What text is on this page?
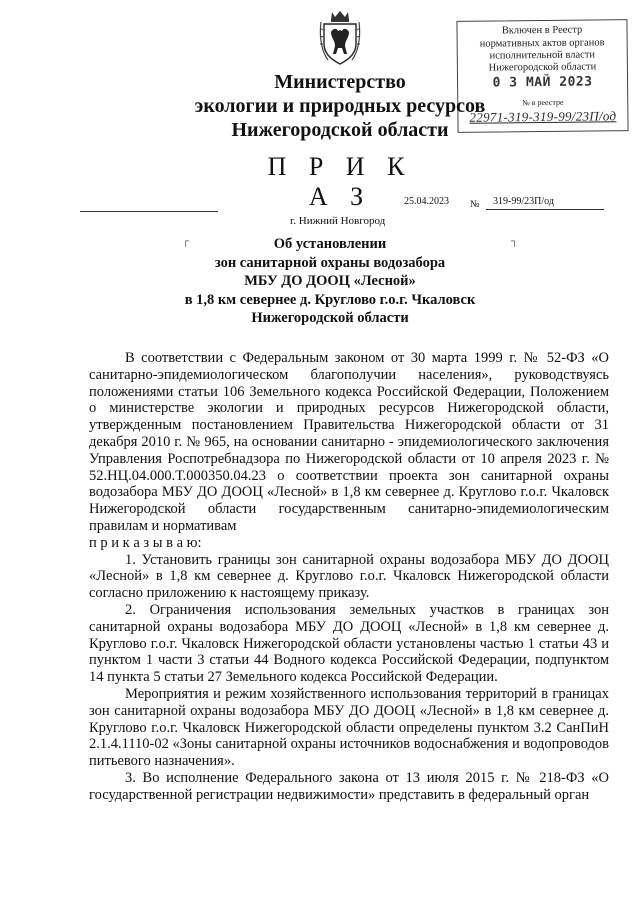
Включен в Реестр
нормативных актов органов
исполнительной власти
Нижегородской области
0 3 МАЙ 2023
№ в реестре
22971-319-319-99/23П/од
Министерство
экологии и природных ресурсов
Нижегородской области
П Р И К А З	25.04.2023 № 319-99/23П/од
г. Нижний Новгород
┌	┐
Об установлении
зон санитарной охраны водозабора
МБУ ДО ДООЦ «Лесной»
в 1,8 км севернее д. Круглово г.о.г. Чкаловск
Нижегородской области

В соответствии с Федеральным законом от 30 марта 1999 г. № 52-ФЗ «О санитарно-эпидемиологическом благополучии населения», руководствуясь положениями статьи 106 Земельного кодекса Российской Федерации, Положением о министерстве экологии и природных ресурсов Нижегородской области, утвержденным постановлением Правительства Нижегородской области от 31 декабря 2010 г. № 965, на основании санитарно - эпидемиологического заключения Управления Роспотребнадзора по Нижегородской области от 10 апреля 2023 г. № 52.НЦ.04.000.Т.000350.04.23 о соответствии проекта зон санитарной охраны водозабора МБУ ДО ДООЦ «Лесной» в 1,8 км севернее д. Круглово г.о.г. Чкаловск Нижегородской области государственным санитарно-эпидемиологическим правилам и нормативам

п р и к а з ы в а ю:

1. Установить границы зон санитарной охраны водозабора МБУ ДО ДООЦ «Лесной» в 1,8 км севернее д. Круглово г.о.г. Чкаловск Нижегородской области согласно приложению к настоящему приказу.

2. Ограничения использования земельных участков в границах зон санитарной охраны водозабора МБУ ДО ДООЦ «Лесной» в 1,8 км севернее д. Круглово г.о.г. Чкаловск Нижегородской области установлены частью 1 статьи 43 и пунктом 1 части 3 статьи 44 Водного кодекса Российской Федерации, подпунктом 14 пункта 5 статьи 27 Земельного кодекса Российской Федерации.

Мероприятия и режим хозяйственного использования территорий в границах зон санитарной охраны водозабора МБУ ДО ДООЦ «Лесной» в 1,8 км севернее д. Круглово г.о.г. Чкаловск Нижегородской области определены пунктом 3.2 СанПиН 2.1.4.1110-02 «Зоны санитарной охраны источников водоснабжения и водопроводов питьевого назначения».

3. Во исполнение Федерального закона от 13 июля 2015 г. № 218-ФЗ «О государственной регистрации недвижимости» представить в федеральный орган
